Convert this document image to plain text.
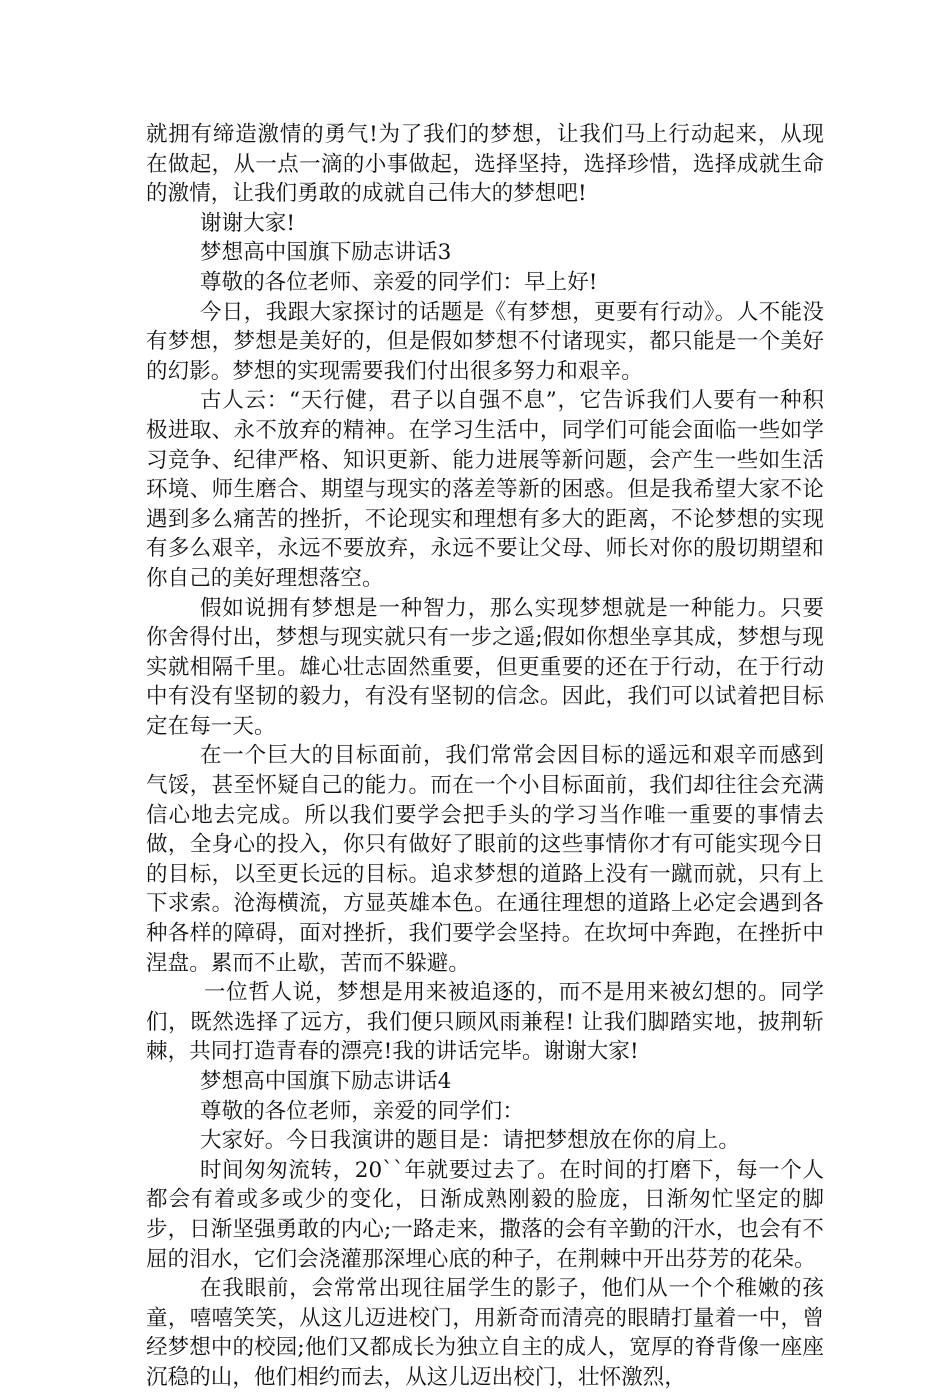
就拥有缔造激情的勇气!为了我们的梦想，让我们马上行动起来，从现在做起，从一点一滴的小事做起，选择坚持，选择珍惜，选择成就生命的激情，让我们勇敢的成就自己伟大的梦想吧!

谢谢大家!

梦想高中国旗下励志讲话3

尊敬的各位老师、亲爱的同学们：早上好!

今日，我跟大家探讨的话题是《有梦想，更要有行动》。人不能没有梦想，梦想是美好的，但是假如梦想不付诸现实，都只能是一个美好的幻影。梦想的实现需要我们付出很多努力和艰辛。

古人云：“天行健，君子以自强不息”，它告诉我们人要有一种积极进取、永不放弃的精神。在学习生活中，同学们可能会面临一些如学习竞争、纪律严格、知识更新、能力进展等新问题，会产生一些如生活环境、师生磨合、期望与现实的落差等新的困惑。但是我希望大家不论遇到多么痛苦的挫折，不论现实和理想有多大的距离，不论梦想的实现有多么艰辛，永远不要放弃，永远不要让父母、师长对你的殷切期望和你自己的美好理想落空。

假如说拥有梦想是一种智力，那么实现梦想就是一种能力。只要你舍得付出，梦想与现实就只有一步之遥;假如你想坐享其成，梦想与现实就相隔千里。雄心壮志固然重要，但更重要的还在于行动，在于行动中有没有坚韧的毅力，有没有坚韧的信念。因此，我们可以试着把目标定在每一天。

在一个巨大的目标面前，我们常常会因目标的遥远和艰辛而感到气馁，甚至怀疑自己的能力。而在一个小目标面前，我们却往往会充满信心地去完成。所以我们要学会把手头的学习当作唯一重要的事情去做，全身心的投入，你只有做好了眼前的这些事情你才有可能实现今日的目标，以至更长远的目标。追求梦想的道路上没有一蹴而就，只有上下求索。沧海横流，方显英雄本色。在通往理想的道路上必定会遇到各种各样的障碍，面对挫折，我们要学会坚持。在坎坷中奔跑，在挫折中涅盘。累而不止歇，苦而不躲避。

一位哲人说，梦想是用来被追逐的，而不是用来被幻想的。同学们，既然选择了远方，我们便只顾风雨兼程! 让我们脚踏实地，披荆斩棘，共同打造青春的漂亮!我的讲话完毕。谢谢大家!

梦想高中国旗下励志讲话4

尊敬的各位老师，亲爱的同学们：

大家好。今日我演讲的题目是：请把梦想放在你的肩上。

时间匆匆流转，20``年就要过去了。在时间的打磨下，每一个人都会有着或多或少的变化，日渐成熟刚毅的脸庞，日渐匆忙坚定的脚步，日渐坚强勇敢的内心;一路走来，撒落的会有辛勤的汗水，也会有不屈的泪水，它们会浇灌那深埋心底的种子，在荆棘中开出芬芳的花朵。

在我眼前，会常常出现往届学生的影子，他们从一个个稚嫩的孩童，嘻嘻笑笑，从这儿迈进校门，用新奇而清亮的眼睛打量着一中，曾经梦想中的校园;他们又都成长为独立自主的成人，宽厚的脊背像一座座沉稳的山，他们相约而去，从这儿迈出校门，壮怀激烈，
